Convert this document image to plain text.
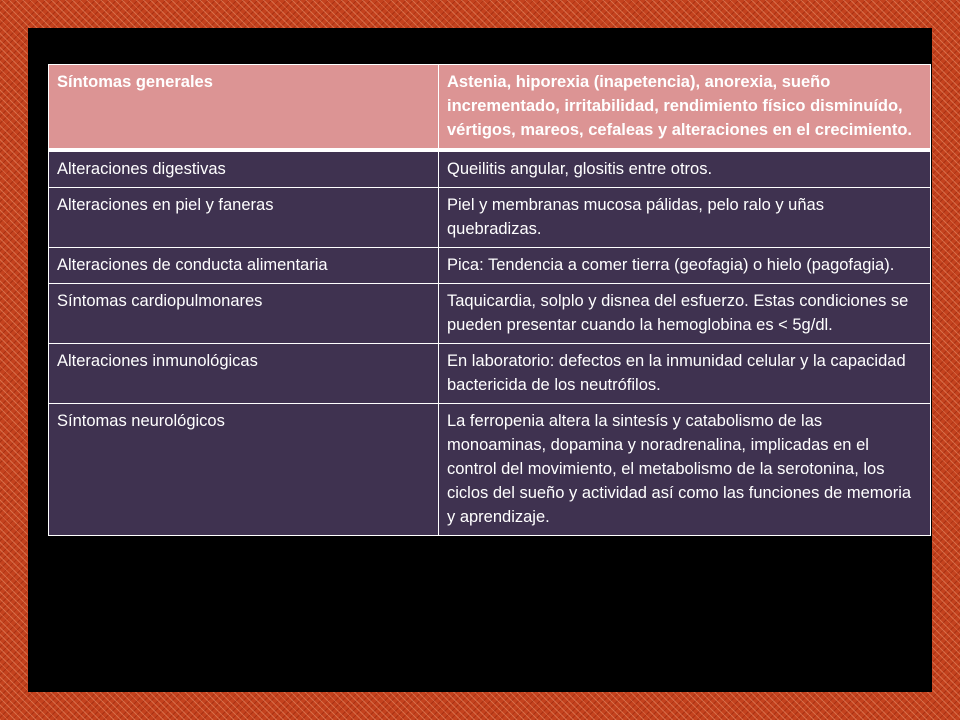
Síntomas generales	Astenia, hiporexia (inapetencia), anorexia, sueño incrementado, irritabilidad, rendimiento físico disminuído, vértigos, mareos, cefaleas y alteraciones en el crecimiento.
Alteraciones digestivas	Queilitis angular, glositis entre otros.
Alteraciones en piel y faneras	Piel y membranas mucosa pálidas, pelo ralo y uñas quebradizas.
Alteraciones de conducta alimentaria	Pica: Tendencia a comer tierra (geofagia) o hielo (pagofagia).
Síntomas cardiopulmonares	Taquicardia, solplo y disnea del esfuerzo. Estas condiciones se pueden presentar cuando la hemoglobina es < 5g/dl.
Alteraciones inmunológicas	En laboratorio: defectos en la inmunidad celular y la capacidad bactericida de los neutrófilos.
Síntomas neurológicos	La ferropenia altera la sintesís y catabolismo de las monoaminas, dopamina y noradrenalina, implicadas en el control del movimiento, el metabolismo de la serotonina, los ciclos del sueño y actividad así como las funciones de memoria y aprendizaje.
